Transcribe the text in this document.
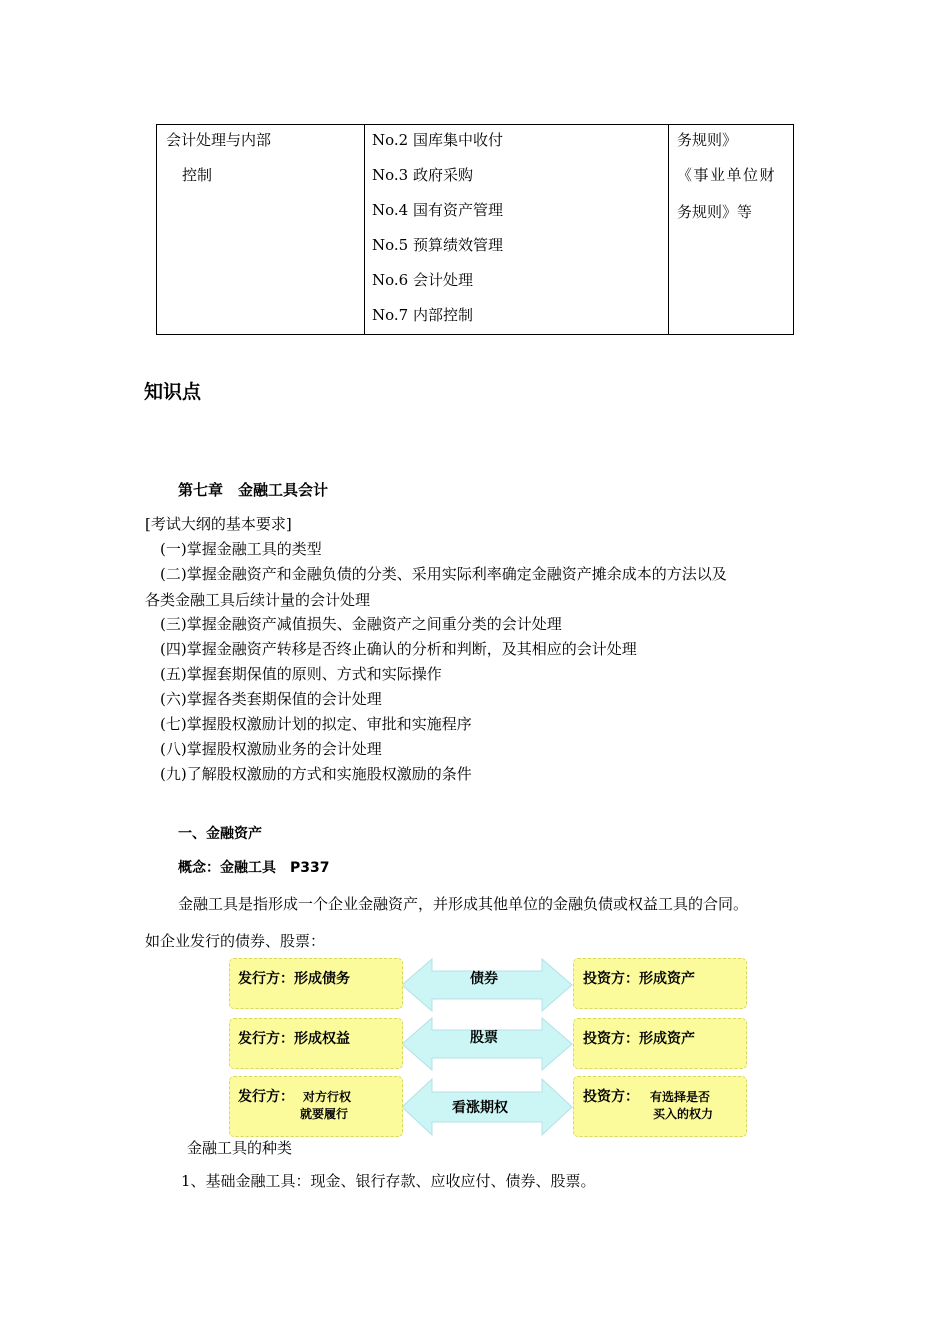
会计处理与内部
控制
No.2 国库集中收付
No.3 政府采购
No.4 国有资产管理
No.5 预算绩效管理
No.6 会计处理
No.7 内部控制
务规则》
《事业单位财
务规则》等
知识点
第七章　金融工具会计
[考试大纲的基本要求]
(一)掌握金融工具的类型
(二)掌握金融资产和金融负债的分类、采用实际利率确定金融资产摊余成本的方法以及
各类金融工具后续计量的会计处理
(三)掌握金融资产减值损失、金融资产之间重分类的会计处理
(四)掌握金融资产转移是否终止确认的分析和判断，及其相应的会计处理
(五)掌握套期保值的原则、方式和实际操作
(六)掌握各类套期保值的会计处理
(七)掌握股权激励计划的拟定、审批和实施程序
(八)掌握股权激励业务的会计处理
(九)了解股权激励的方式和实施股权激励的条件
一、金融资产
概念：金融工具　P337
金融工具是指形成一个企业金融资产，并形成其他单位的金融负债或权益工具的合同。
如企业发行的债券、股票：
债券
股票
看涨期权
发行方：形成债务	投资方：形成资产
发行方：形成权益	投资方：形成资产
发行方： 对方行权
就要履行
投资方： 有选择是否
买入的权力
金融工具的种类
1、基础金融工具：现金、银行存款、应收应付、债券、股票。
